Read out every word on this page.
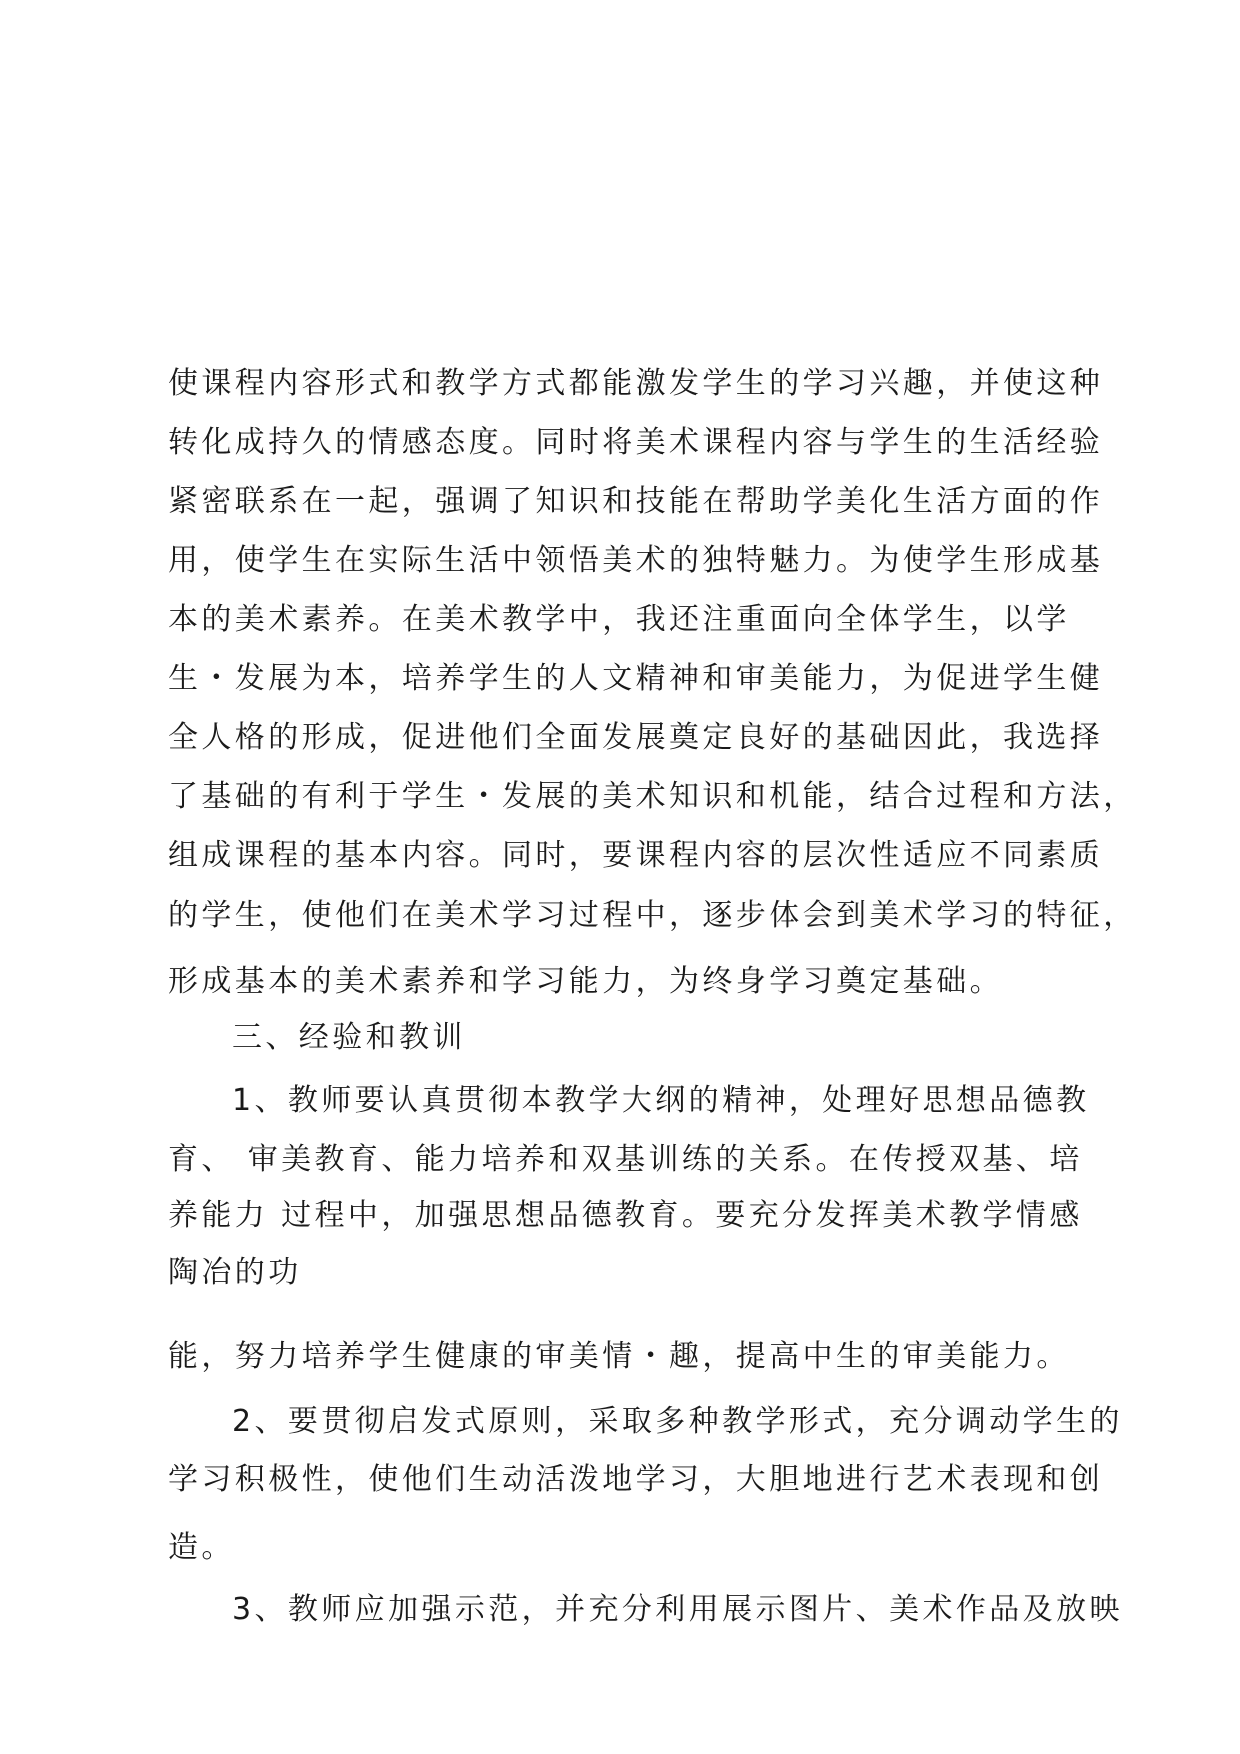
使课程内容形式和教学方式都能激发学生的学习兴趣，并使这种
转化成持久的情感态度。同时将美术课程内容与学生的生活经验
紧密联系在一起，强调了知识和技能在帮助学美化生活方面的作
用，使学生在实际生活中领悟美术的独特魅力。为使学生形成基
本的美术素养。在美术教学中，我还注重面向全体学生，以学
生・发展为本，培养学生的人文精神和审美能力，为促进学生健
全人格的形成，促进他们全面发展奠定良好的基础因此，我选择
了基础的有利于学生・发展的美术知识和机能，结合过程和方法，
组成课程的基本内容。同时，要课程内容的层次性适应不同素质
的学生，使他们在美术学习过程中，逐步体会到美术学习的特征，
形成基本的美术素养和学习能力，为终身学习奠定基础。
三、经验和教训
1、教师要认真贯彻本教学大纲的精神，处理好思想品德教
育、 审美教育、能力培养和双基训练的关系。在传授双基、培
养能力 过程中，加强思想品德教育。要充分发挥美术教学情感
陶冶的功
能，努力培养学生健康的审美情・趣，提高中生的审美能力。
2、要贯彻启发式原则，采取多种教学形式，充分调动学生的
学习积极性，使他们生动活泼地学习，大胆地进行艺术表现和创
造。
3、教师应加强示范，并充分利用展示图片、美术作品及放映
